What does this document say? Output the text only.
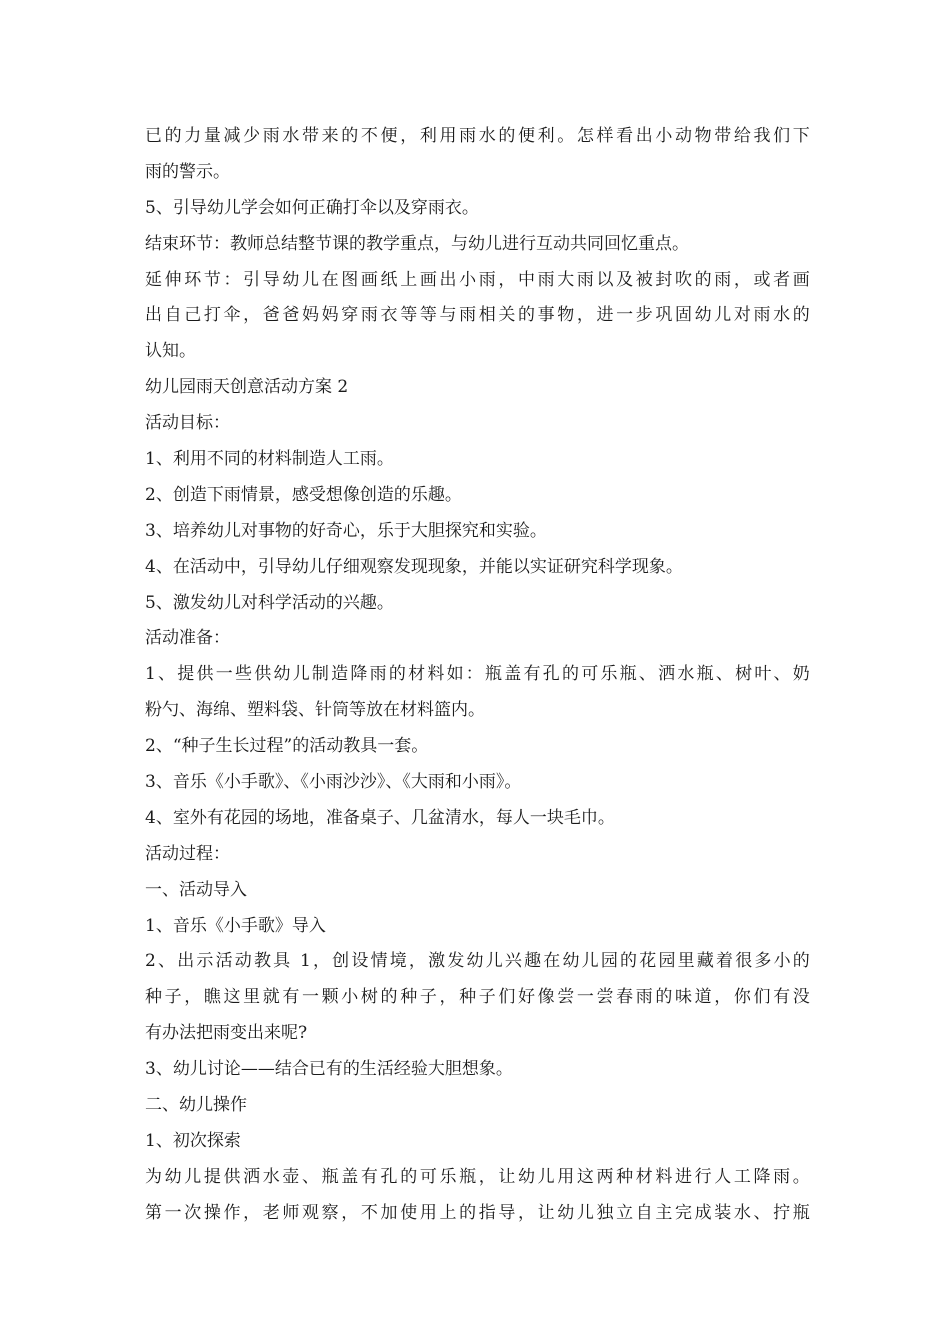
已的力量减少雨水带来的不便，利用雨水的便利。怎样看出小动物带给我们下
雨的警示。
5、引导幼儿学会如何正确打伞以及穿雨衣。
结束环节：教师总结整节课的教学重点，与幼儿进行互动共同回忆重点。
延伸环节：引导幼儿在图画纸上画出小雨，中雨大雨以及被封吹的雨，或者画
出自己打伞，爸爸妈妈穿雨衣等等与雨相关的事物，进一步巩固幼儿对雨水的
认知。
幼儿园雨天创意活动方案 2
活动目标：
1、利用不同的材料制造人工雨。
2、创造下雨情景，感受想像创造的乐趣。
3、培养幼儿对事物的好奇心，乐于大胆探究和实验。
4、在活动中，引导幼儿仔细观察发现现象，并能以实证研究科学现象。
5、激发幼儿对科学活动的兴趣。
活动准备：
1、提供一些供幼儿制造降雨的材料如：瓶盖有孔的可乐瓶、洒水瓶、树叶、奶
粉勺、海绵、塑料袋、针筒等放在材料篮内。
2、“种子生长过程”的活动教具一套。
3、音乐《小手歌》、《小雨沙沙》、《大雨和小雨》。
4、室外有花园的场地，准备桌子、几盆清水，每人一块毛巾。
活动过程：
一、活动导入
1、音乐《小手歌》导入
2、出示活动教具 1，创设情境，激发幼儿兴趣在幼儿园的花园里藏着很多小的
种子，瞧这里就有一颗小树的种子，种子们好像尝一尝春雨的味道，你们有没
有办法把雨变出来呢?
3、幼儿讨论——结合已有的生活经验大胆想象。
二、幼儿操作
1、初次探索
为幼儿提供洒水壶、瓶盖有孔的可乐瓶，让幼儿用这两种材料进行人工降雨。
第一次操作，老师观察，不加使用上的指导，让幼儿独立自主完成装水、拧瓶
